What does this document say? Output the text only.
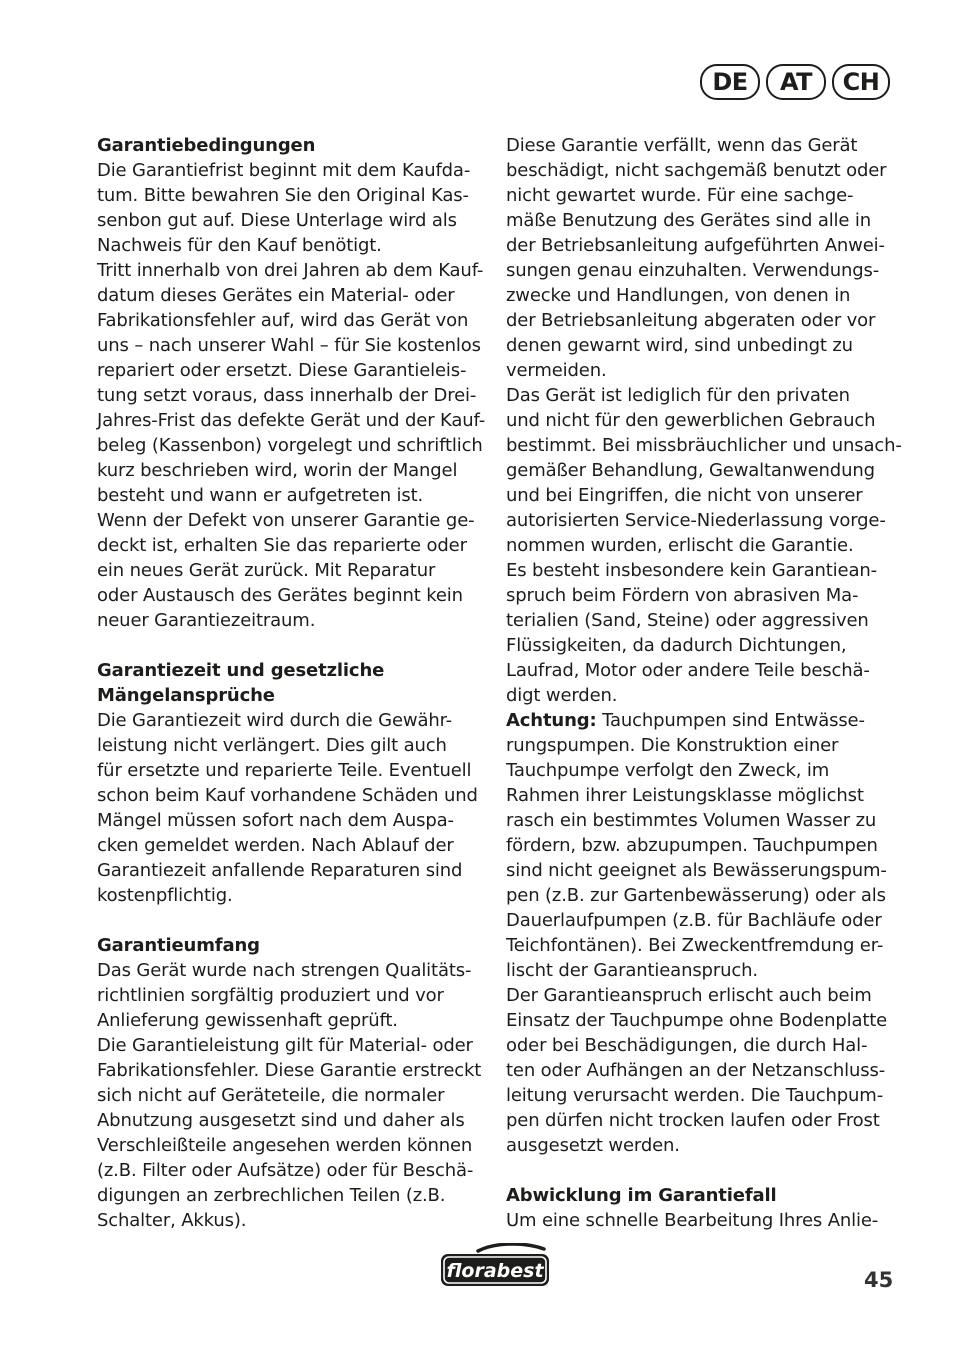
DE	AT	CH
Garantiebedingungen
Die Garantiefrist beginnt mit dem Kaufda-
tum. Bitte bewahren Sie den Original Kas-
senbon gut auf. Diese Unterlage wird als
Nachweis für den Kauf benötigt.
Tritt innerhalb von drei Jahren ab dem Kauf-
datum dieses Gerätes ein Material- oder
Fabrikationsfehler auf, wird das Gerät von
uns – nach unserer Wahl – für Sie kostenlos
repariert oder ersetzt. Diese Garantieleis-
tung setzt voraus, dass innerhalb der Drei-
Jahres-Frist das defekte Gerät und der Kauf-
beleg (Kassenbon) vorgelegt und schriftlich
kurz beschrieben wird, worin der Mangel
besteht und wann er aufgetreten ist.
Wenn der Defekt von unserer Garantie ge-
deckt ist, erhalten Sie das reparierte oder
ein neues Gerät zurück. Mit Reparatur
oder Austausch des Gerätes beginnt kein
neuer Garantiezeitraum.
Garantiezeit und gesetzliche
Mängelansprüche
Die Garantiezeit wird durch die Gewähr-
leistung nicht verlängert. Dies gilt auch
für ersetzte und reparierte Teile. Eventuell
schon beim Kauf vorhandene Schäden und
Mängel müssen sofort nach dem Auspa-
cken gemeldet werden. Nach Ablauf der
Garantiezeit anfallende Reparaturen sind
kostenpflichtig.
Garantieumfang
Das Gerät wurde nach strengen Qualitäts-
richtlinien sorgfältig produziert und vor
Anlieferung gewissenhaft geprüft.
Die Garantieleistung gilt für Material- oder
Fabrikationsfehler. Diese Garantie erstreckt
sich nicht auf Geräteteile, die normaler
Abnutzung ausgesetzt sind und daher als
Verschleißteile angesehen werden können
(z.B. Filter oder Aufsätze) oder für Beschä-
digungen an zerbrechlichen Teilen (z.B.
Schalter, Akkus).
Diese Garantie verfällt, wenn das Gerät
beschädigt, nicht sachgemäß benutzt oder
nicht gewartet wurde. Für eine sachge-
mäße Benutzung des Gerätes sind alle in
der Betriebsanleitung aufgeführten Anwei-
sungen genau einzuhalten. Verwendungs-
zwecke und Handlungen, von denen in
der Betriebsanleitung abgeraten oder vor
denen gewarnt wird, sind unbedingt zu
vermeiden.
Das Gerät ist lediglich für den privaten
und nicht für den gewerblichen Gebrauch
bestimmt. Bei missbräuchlicher und unsach-
gemäßer Behandlung, Gewaltanwendung
und bei Eingriffen, die nicht von unserer
autorisierten Service-Niederlassung vorge-
nommen wurden, erlischt die Garantie.
Es besteht insbesondere kein Garantiean-
spruch beim Fördern von abrasiven Ma-
terialien (Sand, Steine) oder aggressiven
Flüssigkeiten, da dadurch Dichtungen,
Laufrad, Motor oder andere Teile beschä-
digt werden.
Achtung: Tauchpumpen sind Entwässe-
rungspumpen. Die Konstruktion einer
Tauchpumpe verfolgt den Zweck, im
Rahmen ihrer Leistungsklasse möglichst
rasch ein bestimmtes Volumen Wasser zu
fördern, bzw. abzupumpen. Tauchpumpen
sind nicht geeignet als Bewässerungspum-
pen (z.B. zur Gartenbewässerung) oder als
Dauerlaufpumpen (z.B. für Bachläufe oder
Teichfontänen). Bei Zweckentfremdung er-
lischt der Garantieanspruch.
Der Garantieanspruch erlischt auch beim
Einsatz der Tauchpumpe ohne Bodenplatte
oder bei Beschädigungen, die durch Hal-
ten oder Aufhängen an der Netzanschluss-
leitung verursacht werden. Die Tauchpum-
pen dürfen nicht trocken laufen oder Frost
ausgesetzt werden.
Abwicklung im Garantiefall
Um eine schnelle Bearbeitung Ihres Anlie-
florabest	45
